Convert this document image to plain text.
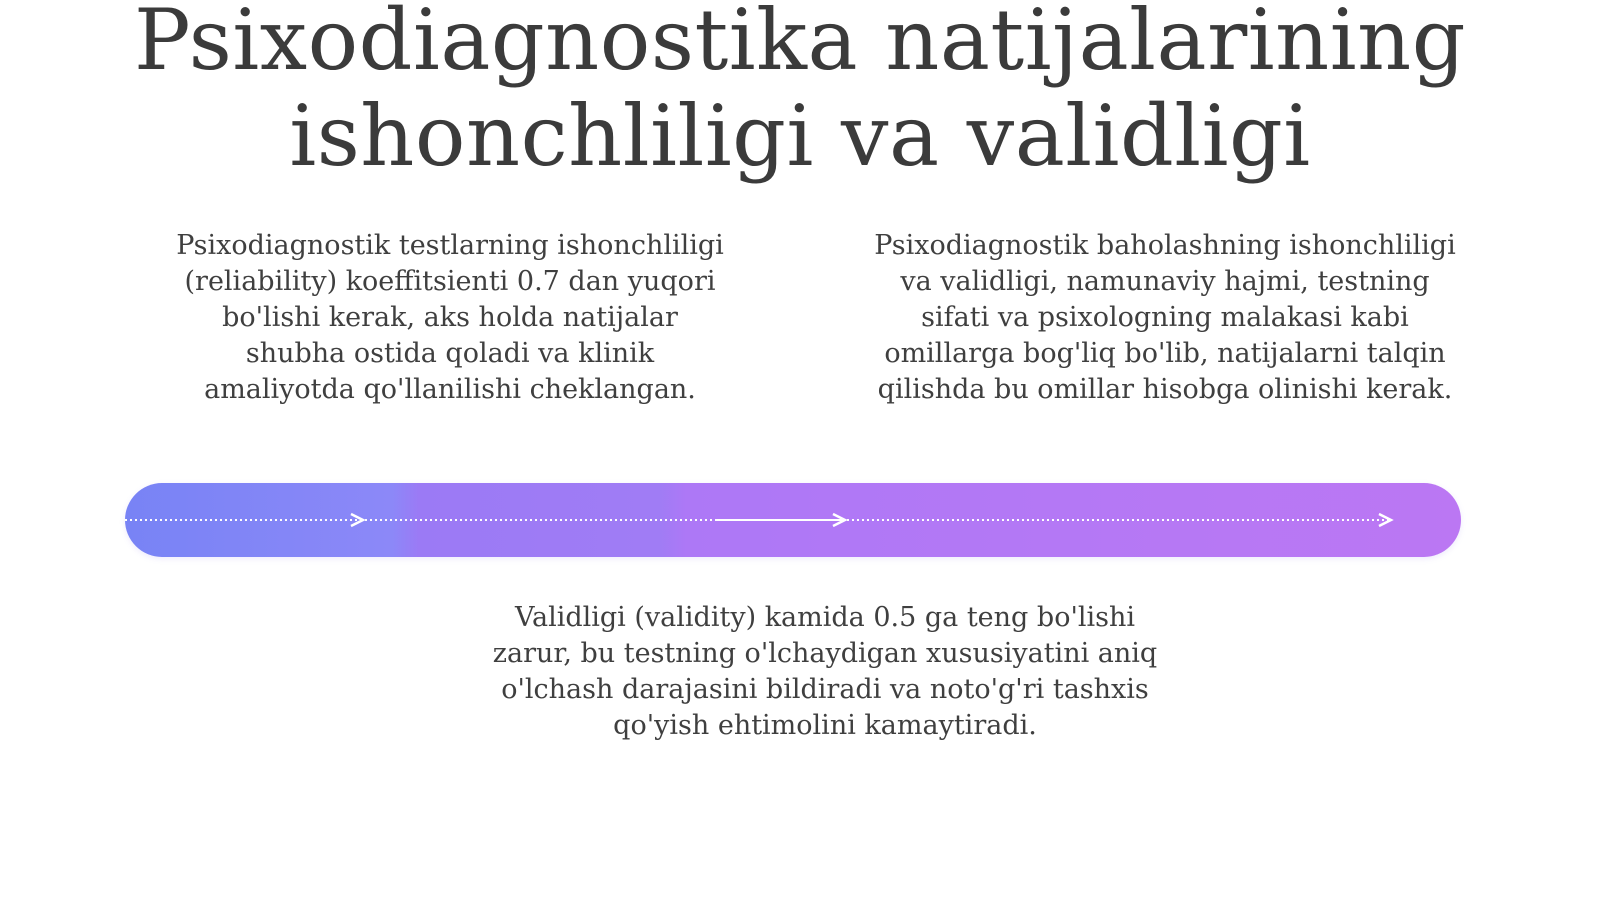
Psixodiagnostika natijalarining
ishonchliligi va validligi

Psixodiagnostik testlarning ishonchliligi
(reliability) koeffitsienti 0.7 dan yuqori
bo'lishi kerak, aks holda natijalar
shubha ostida qoladi va klinik
amaliyotda qo'llanilishi cheklangan.

Psixodiagnostik baholashning ishonchliligi
va validligi, namunaviy hajmi, testning
sifati va psixologning malakasi kabi
omillarga bog'liq bo'lib, natijalarni talqin
qilishda bu omillar hisobga olinishi kerak.

Validligi (validity) kamida 0.5 ga teng bo'lishi
zarur, bu testning o'lchaydigan xususiyatini aniq
o'lchash darajasini bildiradi va noto'g'ri tashxis
qo'yish ehtimolini kamaytiradi.
